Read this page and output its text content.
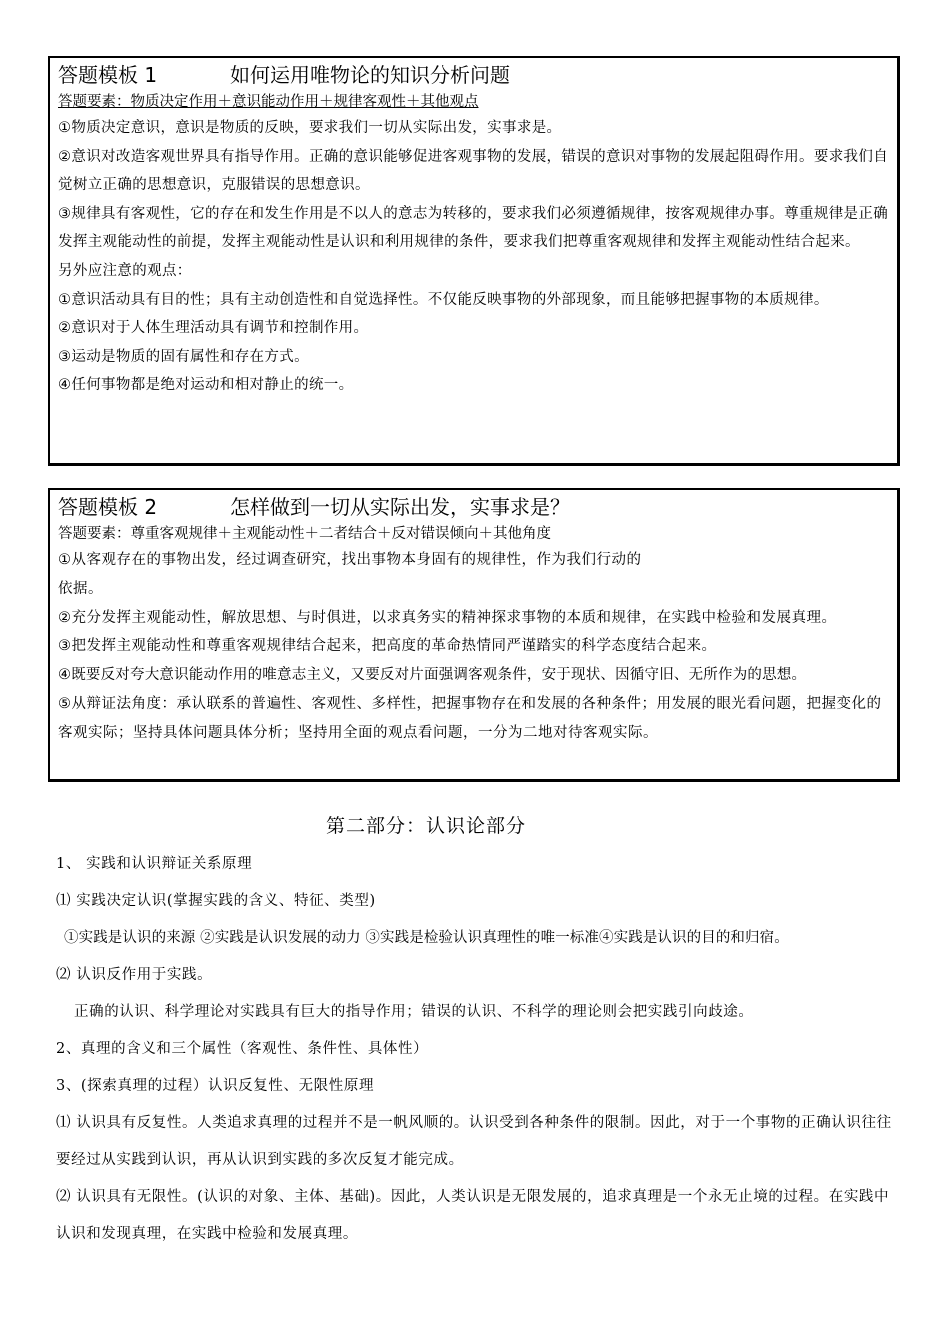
答题模板 1	如何运用唯物论的知识分析问题
答题要素：物质决定作用＋意识能动作用＋规律客观性＋其他观点
①物质决定意识，意识是物质的反映，要求我们一切从实际出发，实事求是。
②意识对改造客观世界具有指导作用。正确的意识能够促进客观事物的发展，错误的意识对事物的发展起阻碍作用。要求我们自觉树立正确的思想意识，克服错误的思想意识。
③规律具有客观性，它的存在和发生作用是不以人的意志为转移的，要求我们必须遵循规律，按客观规律办事。尊重规律是正确发挥主观能动性的前提，发挥主观能动性是认识和利用规律的条件，要求我们把尊重客观规律和发挥主观能动性结合起来。
另外应注意的观点：
①意识活动具有目的性；具有主动创造性和自觉选择性。不仅能反映事物的外部现象，而且能够把握事物的本质规律。
②意识对于人体生理活动具有调节和控制作用。
③运动是物质的固有属性和存在方式。
④任何事物都是绝对运动和相对静止的统一。
答题模板 2	怎样做到一切从实际出发，实事求是？
答题要素：尊重客观规律＋主观能动性＋二者结合＋反对错误倾向＋其他角度
①从客观存在的事物出发，经过调查研究，找出事物本身固有的规律性，作为我们行动的
依据。
②充分发挥主观能动性，解放思想、与时俱进，以求真务实的精神探求事物的本质和规律，在实践中检验和发展真理。
③把发挥主观能动性和尊重客观规律结合起来，把高度的革命热情同严谨踏实的科学态度结合起来。
④既要反对夸大意识能动作用的唯意志主义，又要反对片面强调客观条件，安于现状、因循守旧、无所作为的思想。
⑤从辩证法角度：承认联系的普遍性、客观性、多样性，把握事物存在和发展的各种条件；用发展的眼光看问题，把握变化的客观实际；坚持具体问题具体分析；坚持用全面的观点看问题，一分为二地对待客观实际。
第二部分：认识论部分
1、 实践和认识辩证关系原理
⑴ 实践决定认识(掌握实践的含义、特征、类型)
①实践是认识的来源 ②实践是认识发展的动力 ③实践是检验认识真理性的唯一标准④实践是认识的目的和归宿。
⑵ 认识反作用于实践。
正确的认识、科学理论对实践具有巨大的指导作用；错误的认识、不科学的理论则会把实践引向歧途。
2、真理的含义和三个属性（客观性、条件性、具体性）
3、(探索真理的过程）认识反复性、无限性原理
⑴ 认识具有反复性。人类追求真理的过程并不是一帆风顺的。认识受到各种条件的限制。因此，对于一个事物的正确认识往往要经过从实践到认识，再从认识到实践的多次反复才能完成。
⑵ 认识具有无限性。(认识的对象、主体、基础)。因此，人类认识是无限发展的，追求真理是一个永无止境的过程。在实践中认识和发现真理，在实践中检验和发展真理。
